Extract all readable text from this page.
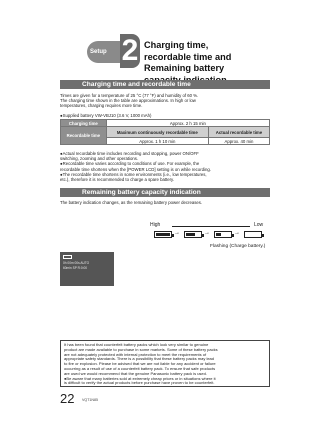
Setup 2 Charging time, recordable time and
Remaining battery
Charging time and recordable time
Times are given for a temperature of 25 °C (77 °F) and humidity of 60 %.
The charging time shown in the table are approximations. In high or low
temperatures, charging requires more time.
●Supplied battery VW-VBJ10 (3.6 V, 1000 mAh)
Charging time	Approx. 2 h 15 min	
Recordable time	Maximum continuously recordable time	Actual recordable time
	Approx. 1 h 10 min	Approx. 40 min
●Actual recordable time includes recording and stopping, power ON/OFF
switching, zooming and other operations.
●Recordable time varies according to conditions of use. For example, the
recordable time shortens when the [POWER LCD] setting is on while recording.
●The recordable time shortens in some environments (i.e., low temperatures,
etc.), therefore it is recommended to charge a spare battery.
Remaining battery capacity indication
The battery indication changes, as the remaining battery power decreases.
0h 00m 00s AUTO
60min SP R:0:00
High	Low
→	→	→
Flashing (Charge battery.)
It has been found that counterfeit battery packs which look very similar to genuine
product are made available to purchase in some markets. Some of these battery packs
are not adequately protected with internal protection to meet the requirements of
appropriate safety standards. There is a possibility that these battery packs may lead
to fire or explosion. Please be advised that we are not liable for any accident or failure
occurring as a result of use of a counterfeit battery pack. To ensure that safe products
are used we would recommend that the genuine Panasonic battery pack is used.
●Be aware that many batteries sold at extremely cheap prices or in situations where it
is difficult to verify the actual products before purchase have proven to be counterfeit.
22 VQT1N85
